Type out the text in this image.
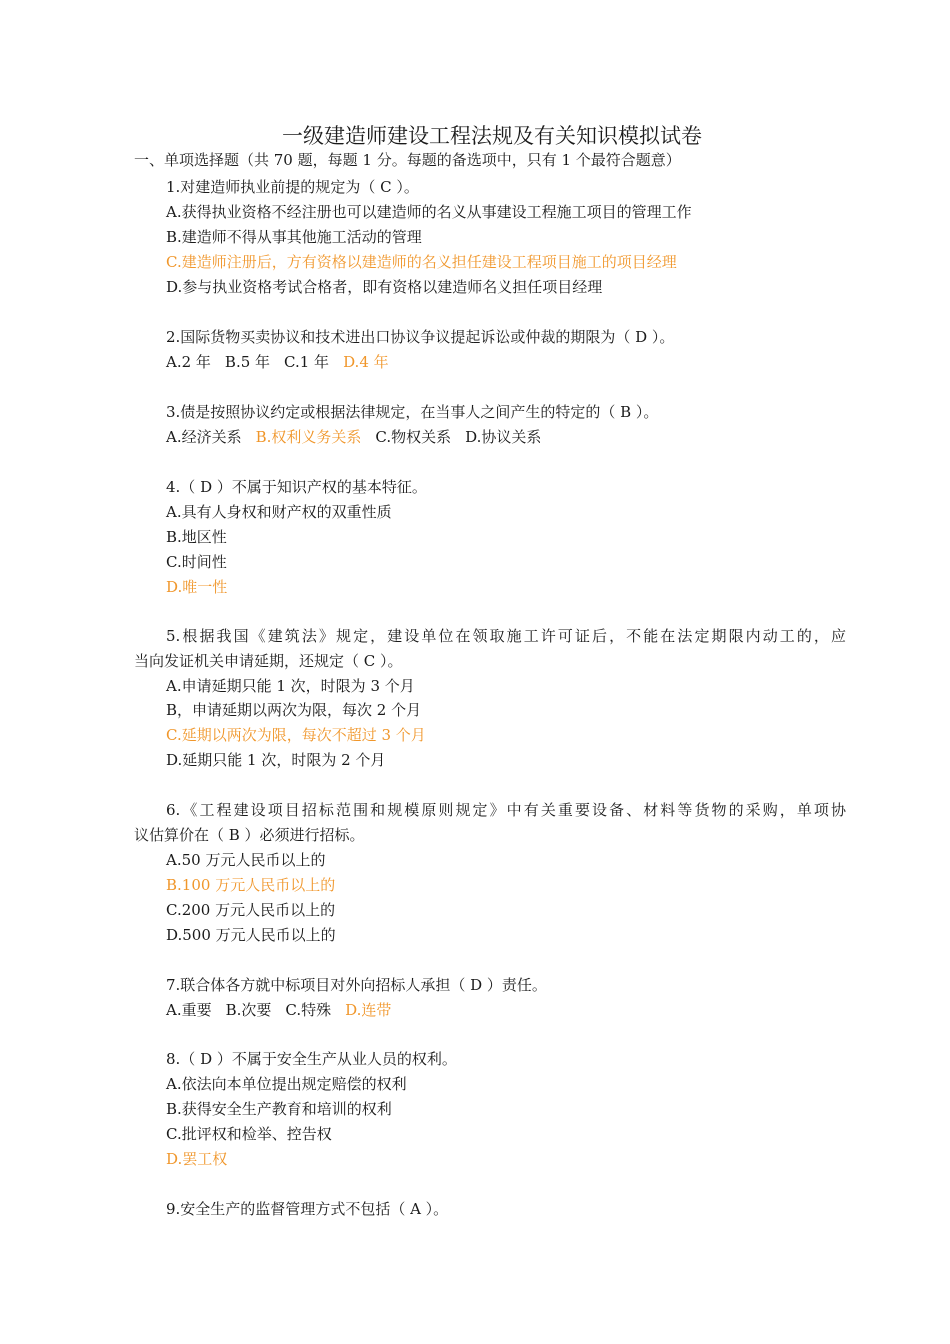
一级建造师建设工程法规及有关知识模拟试卷
一、单项选择题（共 70 题，每题 1 分。每题的备选项中，只有 1 个最符合题意）
1.对建造师执业前提的规定为（ C ）。
A.获得执业资格不经注册也可以建造师的名义从事建设工程施工项目的管理工作
B.建造师不得从事其他施工活动的管理
C.建造师注册后，方有资格以建造师的名义担任建设工程项目施工的项目经理
D.参与执业资格考试合格者，即有资格以建造师名义担任项目经理
2.国际货物买卖协议和技术进出口协议争议提起诉讼或仲裁的期限为（ D ）。
A.2 年 B.5 年 C.1 年 D.4 年
3.债是按照协议约定或根据法律规定，在当事人之间产生的特定的（ B ）。
A.经济关系 B.权利义务关系 C.物权关系 D.协议关系
4.（ D ）不属于知识产权的基本特征。
A.具有人身权和财产权的双重性质
B.地区性
C.时间性
D.唯一性
5.根据我国《建筑法》规定，建设单位在领取施工许可证后，不能在法定期限内动工的，应
当向发证机关申请延期，还规定（ C ）。
A.申请延期只能 1 次，时限为 3 个月
B，申请延期以两次为限，每次 2 个月
C.延期以两次为限，每次不超过 3 个月
D.延期只能 1 次，时限为 2 个月
6.《工程建设项目招标范围和规模原则规定》中有关重要设备、材料等货物的采购，单项协
议估算价在（ B ）必须进行招标。
A.50 万元人民币以上的
B.100 万元人民币以上的
C.200 万元人民币以上的
D.500 万元人民币以上的
7.联合体各方就中标项目对外向招标人承担（ D ）责任。
A.重要 B.次要 C.特殊 D.连带
8.（ D ）不属于安全生产从业人员的权利。
A.依法向本单位提出规定赔偿的权利
B.获得安全生产教育和培训的权利
C.批评权和检举、控告权
D.罢工权
9.安全生产的监督管理方式不包括（ A ）。
